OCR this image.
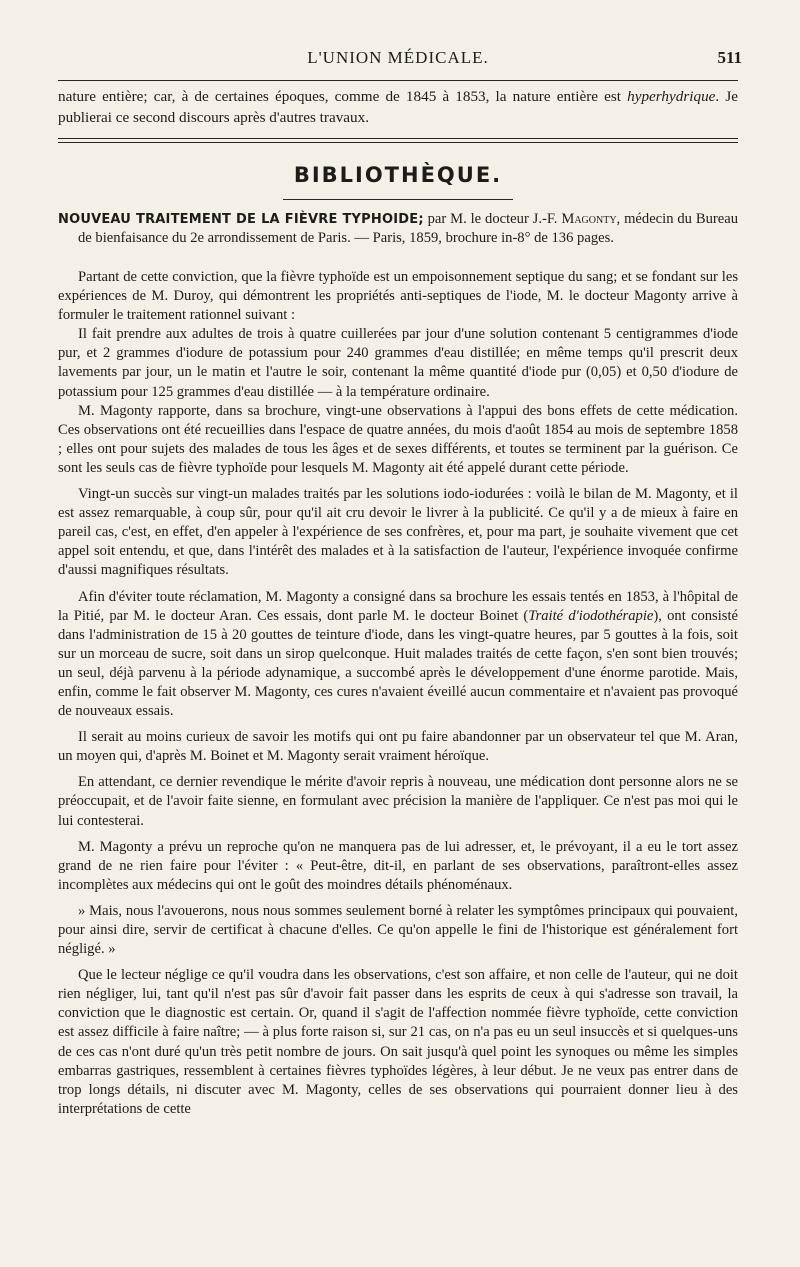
L'UNION MÉDICALE.	511

nature entière; car, à de certaines époques, comme de 1845 à 1853, la nature entière est hyperhydrique. Je publierai ce second discours après d'autres travaux.

BIBLIOTHÈQUE.
NOUVEAU TRAITEMENT DE LA FIÈVRE TYPHOIDE; par M. le docteur J.-F. Magonty, médecin du Bureau de bienfaisance du 2e arrondissement de Paris. — Paris, 1859, brochure in-8° de 136 pages.

Partant de cette conviction, que la fièvre typhoïde est un empoisonnement septique du sang; et se fondant sur les expériences de M. Duroy, qui démontrent les propriétés anti-septiques de l'iode, M. le docteur Magonty arrive à formuler le traitement rationnel suivant :

Il fait prendre aux adultes de trois à quatre cuillerées par jour d'une solution contenant 5 centigrammes d'iode pur, et 2 grammes d'iodure de potassium pour 240 grammes d'eau distillée; en même temps qu'il prescrit deux lavements par jour, un le matin et l'autre le soir, contenant la même quantité d'iode pur (0,05) et 0,50 d'iodure de potassium pour 125 grammes d'eau distillée — à la température ordinaire.

M. Magonty rapporte, dans sa brochure, vingt-une observations à l'appui des bons effets de cette médication. Ces observations ont été recueillies dans l'espace de quatre années, du mois d'août 1854 au mois de septembre 1858 ; elles ont pour sujets des malades de tous les âges et de sexes différents, et toutes se terminent par la guérison. Ce sont les seuls cas de fièvre typhoïde pour lesquels M. Magonty ait été appelé durant cette période.

Vingt-un succès sur vingt-un malades traités par les solutions iodo-iodurées : voilà le bilan de M. Magonty, et il est assez remarquable, à coup sûr, pour qu'il ait cru devoir le livrer à la publicité. Ce qu'il y a de mieux à faire en pareil cas, c'est, en effet, d'en appeler à l'expérience de ses confrères, et, pour ma part, je souhaite vivement que cet appel soit entendu, et que, dans l'intérêt des malades et à la satisfaction de l'auteur, l'expérience invoquée confirme d'aussi magnifiques résultats.

Afin d'éviter toute réclamation, M. Magonty a consigné dans sa brochure les essais tentés en 1853, à l'hôpital de la Pitié, par M. le docteur Aran. Ces essais, dont parle M. le docteur Boinet (Traité d'iodothérapie), ont consisté dans l'administration de 15 à 20 gouttes de teinture d'iode, dans les vingt-quatre heures, par 5 gouttes à la fois, soit sur un morceau de sucre, soit dans un sirop quelconque. Huit malades traités de cette façon, s'en sont bien trouvés; un seul, déjà parvenu à la période adynamique, a succombé après le développement d'une énorme parotide. Mais, enfin, comme le fait observer M. Magonty, ces cures n'avaient éveillé aucun commentaire et n'avaient pas provoqué de nouveaux essais.

Il serait au moins curieux de savoir les motifs qui ont pu faire abandonner par un observateur tel que M. Aran, un moyen qui, d'après M. Boinet et M. Magonty serait vraiment héroïque.

En attendant, ce dernier revendique le mérite d'avoir repris à nouveau, une médication dont personne alors ne se préoccupait, et de l'avoir faite sienne, en formulant avec précision la manière de l'appliquer. Ce n'est pas moi qui le lui contesterai.

M. Magonty a prévu un reproche qu'on ne manquera pas de lui adresser, et, le prévoyant, il a eu le tort assez grand de ne rien faire pour l'éviter : « Peut-être, dit-il, en parlant de ses observations, paraîtront-elles assez incomplètes aux médecins qui ont le goût des moindres détails phénoménaux.

» Mais, nous l'avouerons, nous nous sommes seulement borné à relater les symptômes principaux qui pouvaient, pour ainsi dire, servir de certificat à chacune d'elles. Ce qu'on appelle le fini de l'historique est généralement fort négligé. »

Que le lecteur néglige ce qu'il voudra dans les observations, c'est son affaire, et non celle de l'auteur, qui ne doit rien négliger, lui, tant qu'il n'est pas sûr d'avoir fait passer dans les esprits de ceux à qui s'adresse son travail, la conviction que le diagnostic est certain. Or, quand il s'agit de l'affection nommée fièvre typhoïde, cette conviction est assez difficile à faire naître; — à plus forte raison si, sur 21 cas, on n'a pas eu un seul insuccès et si quelques-uns de ces cas n'ont duré qu'un très petit nombre de jours. On sait jusqu'à quel point les synoques ou même les simples embarras gastriques, ressemblent à certaines fièvres typhoïdes légères, à leur début. Je ne veux pas entrer dans de trop longs détails, ni discuter avec M. Magonty, celles de ses observations qui pourraient donner lieu à des interprétations de cette
